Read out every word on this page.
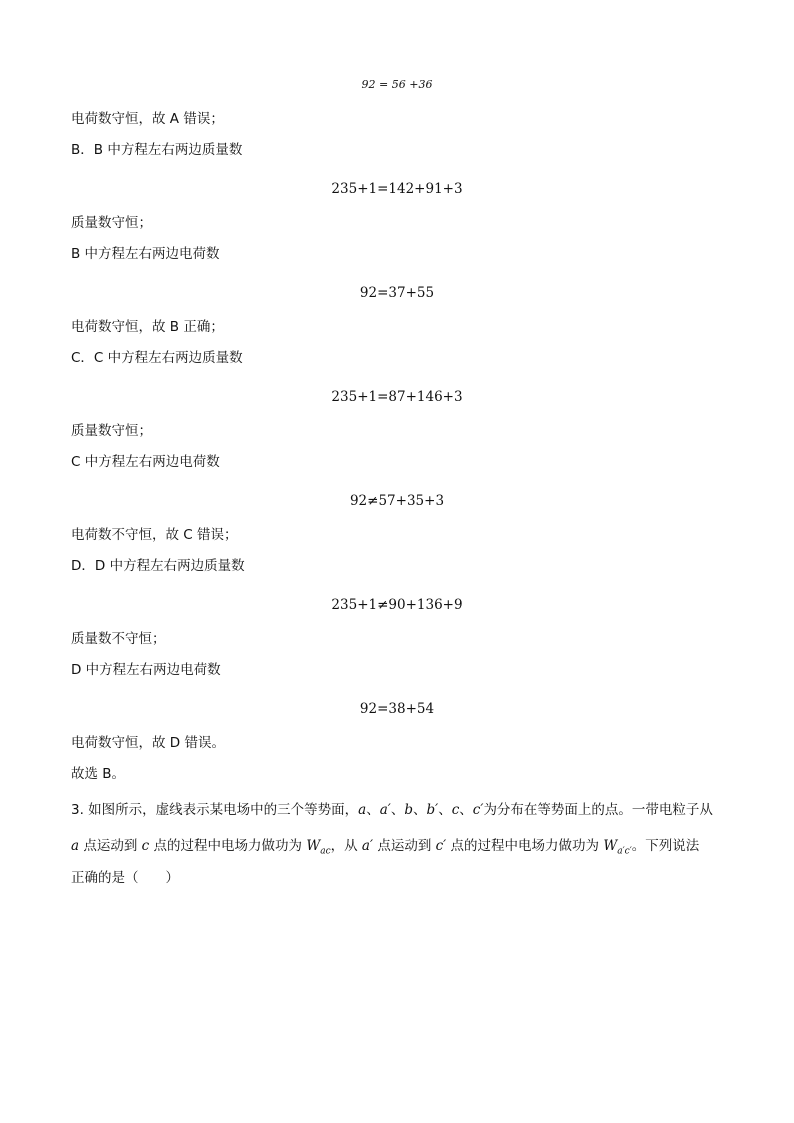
92 = 56 +36
电荷数守恒，故 A 错误；
B．B 中方程左右两边质量数
235+1=142+91+3
质量数守恒；
B 中方程左右两边电荷数
92=37+55
电荷数守恒，故 B 正确；
C．C 中方程左右两边质量数
235+1=87+146+3
质量数守恒；
C 中方程左右两边电荷数
92≠57+35+3
电荷数不守恒，故 C 错误；
D．D 中方程左右两边质量数
235+1≠90+136+9
质量数不守恒；
D 中方程左右两边电荷数
92=38+54
电荷数守恒，故 D 错误。
故选 B。
3. 如图所示，虚线表示某电场中的三个等势面，a、a′、b、b′、c、c′为分布在等势面上的点。一带电粒子从
a 点运动到 c 点的过程中电场力做功为 $W_{ac}$，从 a′ 点运动到 c′ 点的过程中电场力做功为 $W_{a'c'}$。下列说法
正确的是（　　）
